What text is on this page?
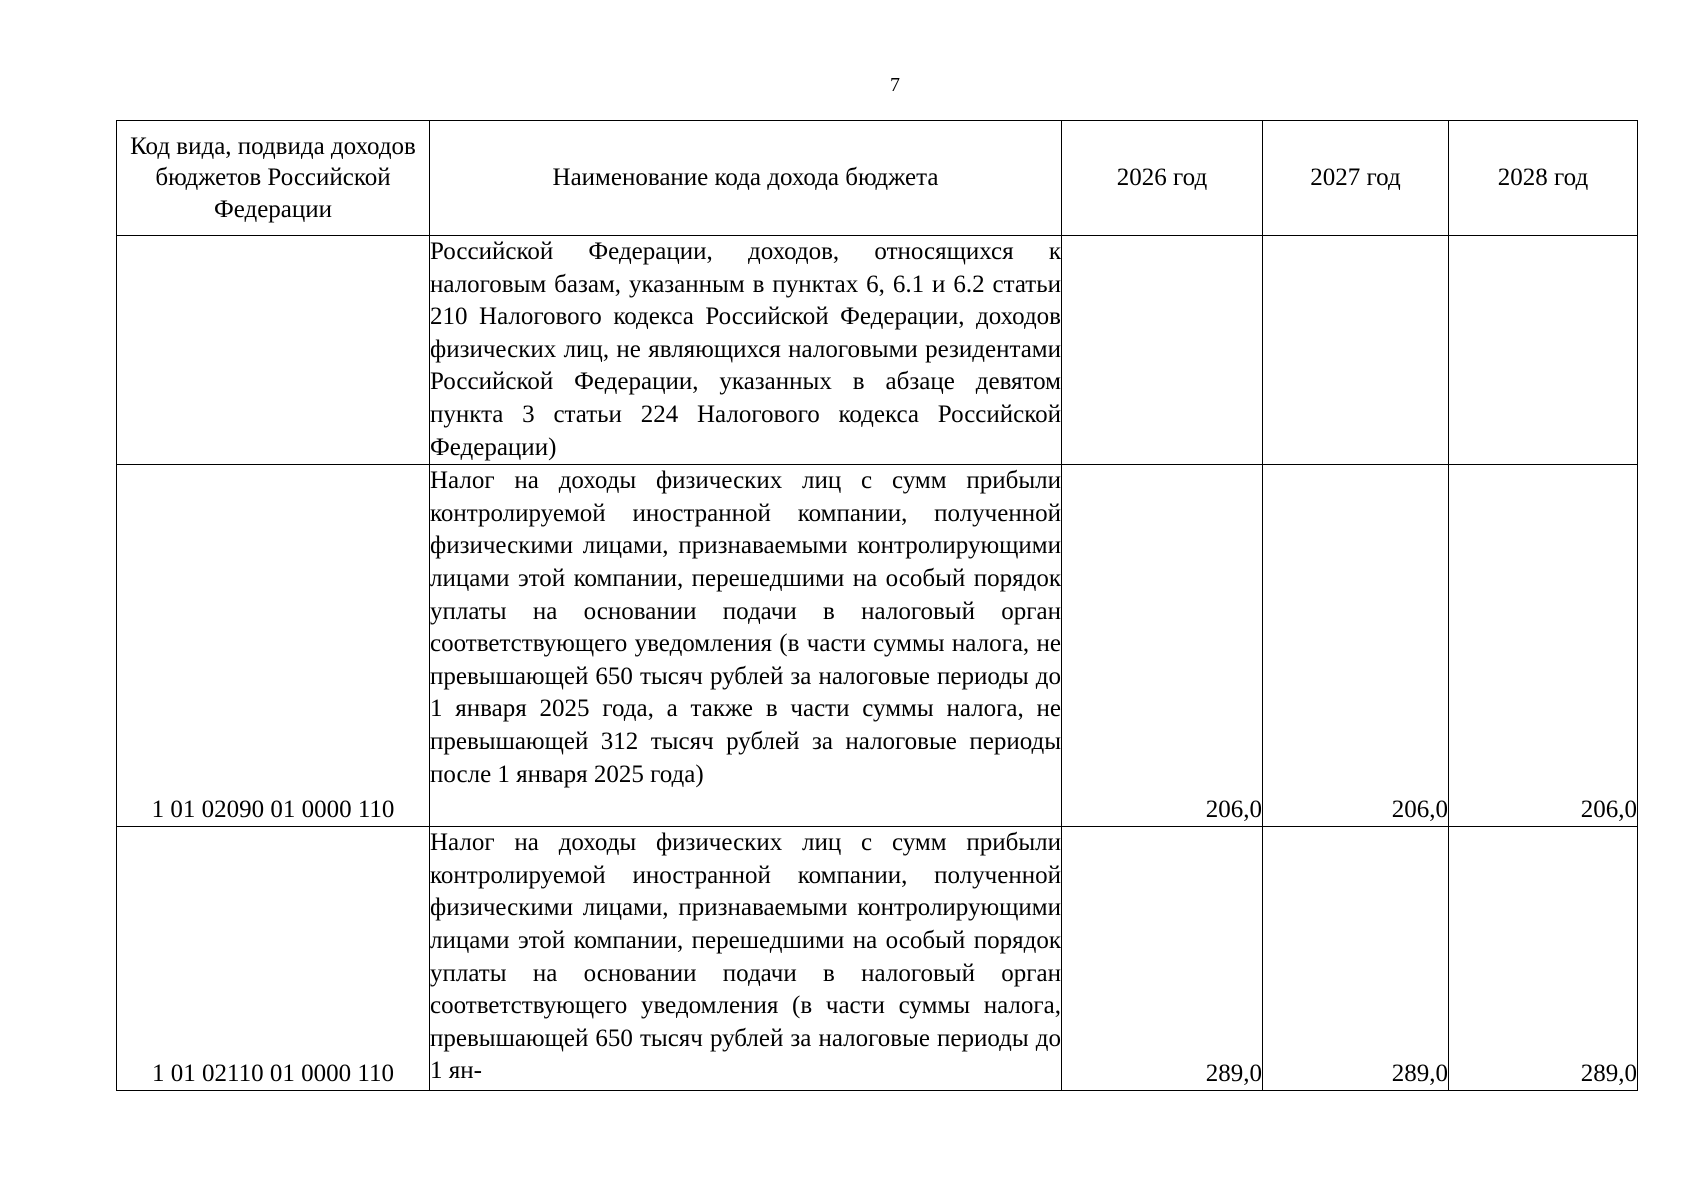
7
Код вида, подвида доходов бюджетов Российской Федерации	Наименование кода дохода бюджета	2026 год	2027 год	2028 год
	Российской Федерации, доходов, относящихся к налоговым базам, указанным в пунктах 6, 6.1 и 6.2 статьи 210 Налогового кодекса Российской Федерации, доходов физических лиц, не являющихся налоговыми резидентами Российской Федерации, указанных в абзаце девятом пункта 3 статьи 224 Налогового кодекса Российской Федерации)			
1 01 02090 01 0000 110	Налог на доходы физических лиц с сумм прибыли контролируемой иностранной компании, полученной физическими лицами, признаваемыми контролирующими лицами этой компании, перешедшими на особый порядок уплаты на основании подачи в налоговый орган соответствующего уведомления (в части суммы налога, не превышающей 650 тысяч рублей за налоговые периоды до 1 января 2025 года, а также в части суммы налога, не превышающей 312 тысяч рублей за налоговые периоды после 1 января 2025 года)	206,0	206,0	206,0
1 01 02110 01 0000 110	Налог на доходы физических лиц с сумм прибыли контролируемой иностранной компании, полученной физическими лицами, признаваемыми контролирующими лицами этой компании, перешедшими на особый порядок уплаты на основании подачи в налоговый орган соответствующего уведомления (в части суммы налога, превышающей 650 тысяч рублей за налоговые периоды до 1 ян-	289,0	289,0	289,0
